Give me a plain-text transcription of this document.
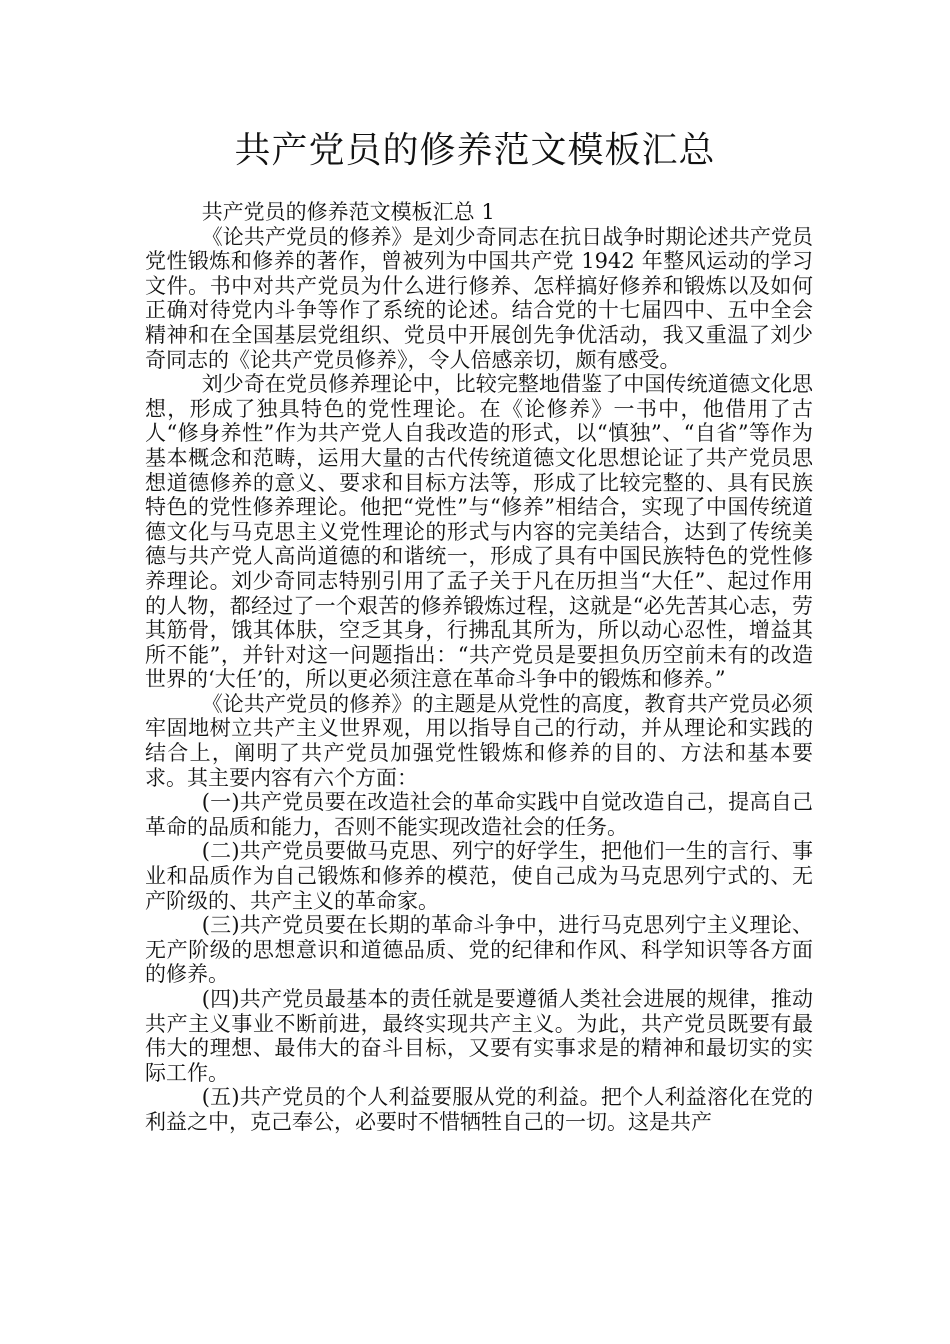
共产党员的修养范文模板汇总

共产党员的修养范文模板汇总 1

《论共产党员的修养》是刘少奇同志在抗日战争时期论述共产党员党性锻炼和修养的著作，曾被列为中国共产党 1942 年整风运动的学习文件。书中对共产党员为什么进行修养、怎样搞好修养和锻炼以及如何正确对待党内斗争等作了系统的论述。结合党的十七届四中、五中全会精神和在全国基层党组织、党员中开展创先争优活动，我又重温了刘少奇同志的《论共产党员修养》，令人倍感亲切，颇有感受。

刘少奇在党员修养理论中，比较完整地借鉴了中国传统道德文化思想，形成了独具特色的党性理论。在《论修养》一书中，他借用了古人“修身养性”作为共产党人自我改造的形式，以“慎独”、“自省”等作为基本概念和范畴，运用大量的古代传统道德文化思想论证了共产党员思想道德修养的意义、要求和目标方法等，形成了比较完整的、具有民族特色的党性修养理论。他把“党性”与“修养”相结合，实现了中国传统道德文化与马克思主义党性理论的形式与内容的完美结合，达到了传统美德与共产党人高尚道德的和谐统一，形成了具有中国民族特色的党性修养理论。刘少奇同志特别引用了孟子关于凡在历担当“大任”、起过作用的人物，都经过了一个艰苦的修养锻炼过程，这就是“必先苦其心志，劳其筋骨，饿其体肤，空乏其身，行拂乱其所为，所以动心忍性，增益其所不能”，并针对这一问题指出：“共产党员是要担负历空前未有的改造世界的‘大任’的，所以更必须注意在革命斗争中的锻炼和修养。”

《论共产党员的修养》的主题是从党性的高度，教育共产党员必须牢固地树立共产主义世界观，用以指导自己的行动，并从理论和实践的结合上，阐明了共产党员加强党性锻炼和修养的目的、方法和基本要求。其主要内容有六个方面：

(一)共产党员要在改造社会的革命实践中自觉改造自己，提高自己革命的品质和能力，否则不能实现改造社会的任务。

(二)共产党员要做马克思、列宁的好学生，把他们一生的言行、事业和品质作为自己锻炼和修养的模范，使自己成为马克思列宁式的、无产阶级的、共产主义的革命家。

(三)共产党员要在长期的革命斗争中，进行马克思列宁主义理论、无产阶级的思想意识和道德品质、党的纪律和作风、科学知识等各方面的修养。

(四)共产党员最基本的责任就是要遵循人类社会进展的规律，推动共产主义事业不断前进，最终实现共产主义。为此，共产党员既要有最伟大的理想、最伟大的奋斗目标，又要有实事求是的精神和最切实的实际工作。

(五)共产党员的个人利益要服从党的利益。把个人利益溶化在党的利益之中，克己奉公，必要时不惜牺牲自己的一切。这是共产
